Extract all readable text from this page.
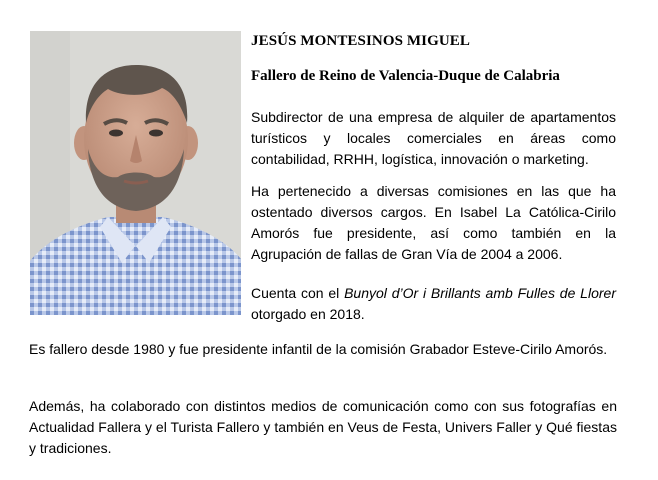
JESÚS MONTESINOS MIGUEL
Fallero de Reino de Valencia-Duque de Calabria

Subdirector de una empresa de alquiler de apartamentos turísticos y locales comerciales en áreas como contabilidad, RRHH, logística, innovación o marketing.

Ha pertenecido a diversas comisiones en las que ha ostentado diversos cargos. En Isabel La Católica-Cirilo Amorós fue presidente, así como también en la Agrupación de fallas de Gran Vía de 2004 a 2006.

Cuenta con el Bunyol d’Or i Brillants amb Fulles de Llorer otorgado en 2018.

Es fallero desde 1980 y fue presidente infantil de la comisión Grabador Esteve-Cirilo Amorós.

Además, ha colaborado con distintos medios de comunicación como con sus fotografías en Actualidad Fallera y el Turista Fallero y también en Veus de Festa, Univers Faller y Qué fiestas y tradiciones.
